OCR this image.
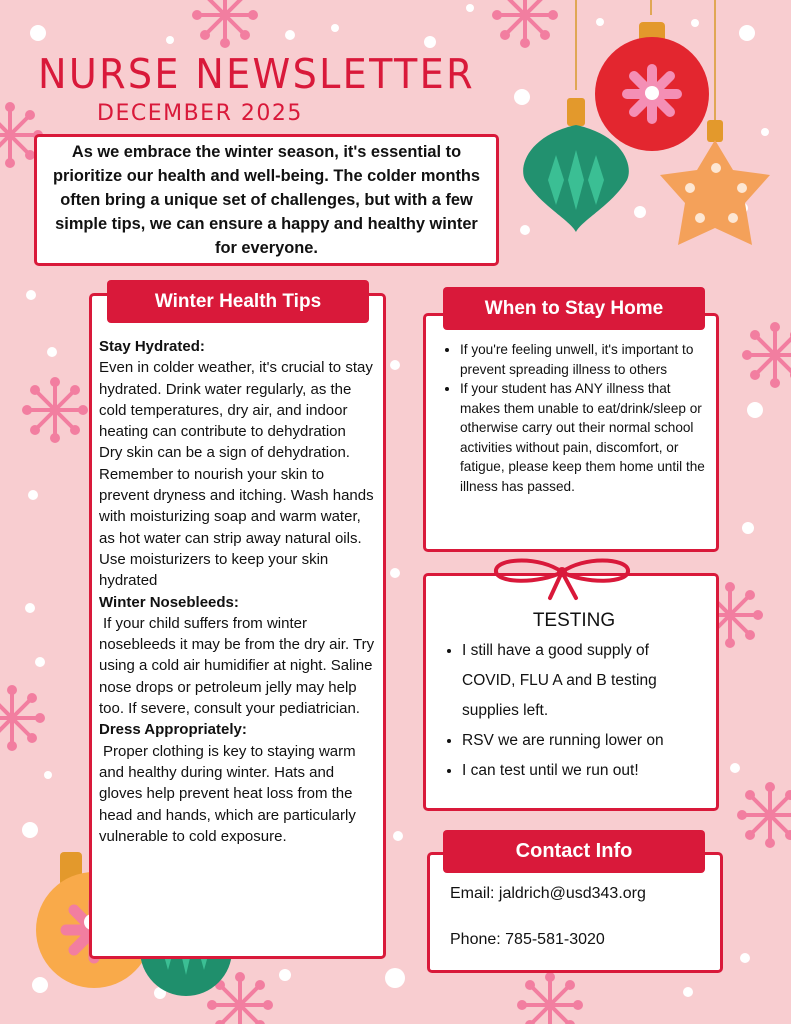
NURSE NEWSLETTER
DECEMBER 2025
As we embrace the winter season, it's essential to prioritize our health and well-being. The colder months often bring a unique set of challenges, but with a few simple tips, we can ensure a happy and healthy winter for everyone.
Stay Hydrated:
Even in colder weather, it's crucial to stay hydrated. Drink water regularly, as the cold temperatures, dry air, and indoor heating can contribute to dehydration
Dry skin can be a sign of dehydration. Remember to nourish your skin to prevent dryness and itching. Wash hands with moisturizing soap and warm water, as hot water can strip away natural oils. Use moisturizers to keep your skin hydrated
Winter Nosebleeds:
If your child suffers from winter nosebleeds it may be from the dry air. Try using a cold air humidifier at night. Saline nose drops or petroleum jelly may help too. If severe, consult your pediatrician.
Dress Appropriately:
Proper clothing is key to staying warm and healthy during winter. Hats and gloves help prevent heat loss from the head and hands, which are particularly vulnerable to cold exposure.
Winter Health Tips
• If you're feeling unwell, it's important to prevent spreading illness to others
• If your student has ANY illness that makes them unable to eat/drink/sleep or otherwise carry out their normal school activities without pain, discomfort, or fatigue, please keep them home until the illness has passed.
When to Stay Home
TESTING
• I still have a good supply of COVID, FLU A and B testing supplies left.
• RSV we are running lower on
• I can test until we run out!
Email: jaldrich@usd343.org
Phone: 785-581-3020
Contact Info
